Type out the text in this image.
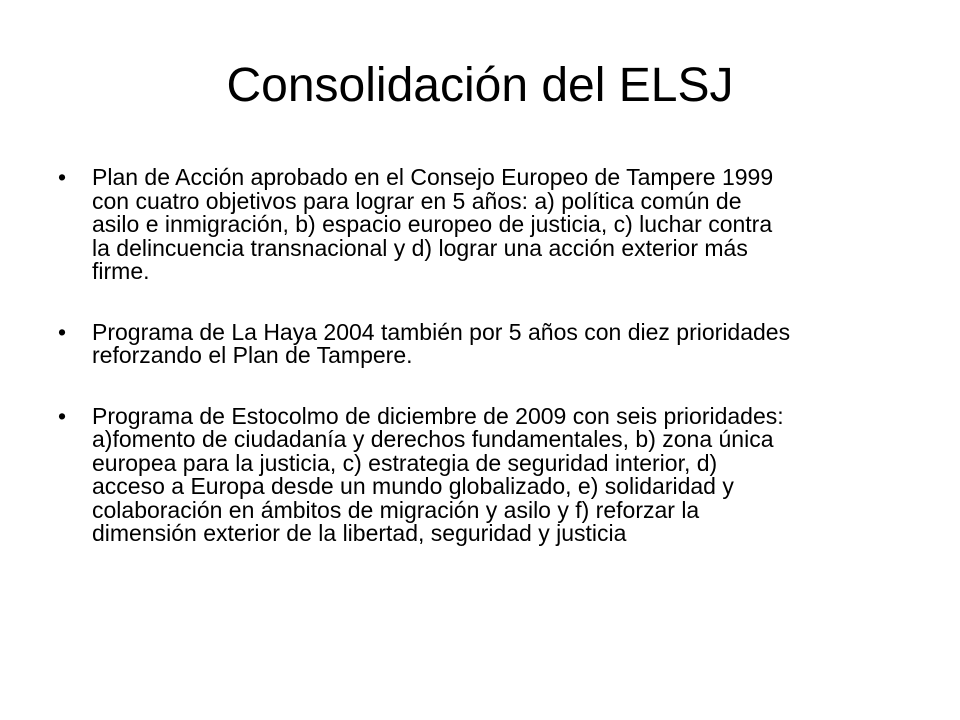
Consolidación del ELSJ
• Plan de Acción aprobado en el Consejo Europeo de Tampere 1999
con cuatro objetivos para lograr en 5 años: a) política común de
asilo e inmigración, b) espacio europeo de justicia, c) luchar contra
la delincuencia transnacional y d) lograr una acción exterior más
firme.
• Programa de La Haya 2004 también por 5 años con diez prioridades
reforzando el Plan de Tampere.
• Programa de Estocolmo de diciembre de 2009 con seis prioridades:
a)fomento de ciudadanía y derechos fundamentales, b) zona única
europea para la justicia, c) estrategia de seguridad interior, d)
acceso a Europa desde un mundo globalizado, e) solidaridad y
colaboración en ámbitos de migración y asilo y f) reforzar la
dimensión exterior de la libertad, seguridad y justicia
